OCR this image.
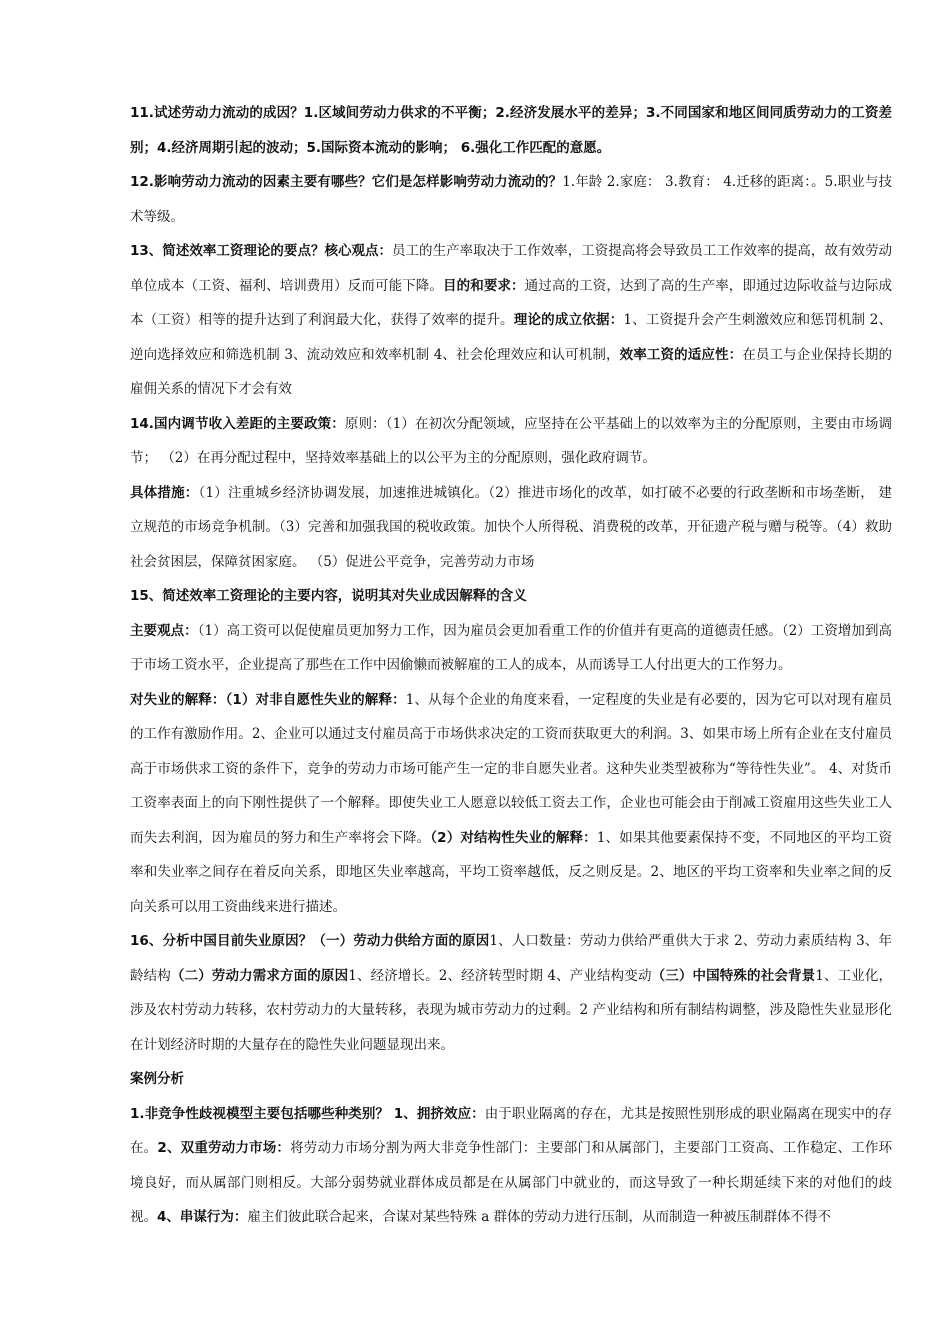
11.试述劳动力流动的成因？1.区域间劳动力供求的不平衡；2.经济发展水平的差异；3.不同国家和地区间同质劳动力的工资差别；4.经济周期引起的波动；5.国际资本流动的影响； 6.强化工作匹配的意愿。

12.影响劳动力流动的因素主要有哪些？它们是怎样影响劳动力流动的？1.年龄 2.家庭： 3.教育： 4.迁移的距离：。5.职业与技术等级。

13、简述效率工资理论的要点？核心观点：员工的生产率取决于工作效率，工资提高将会导致员工工作效率的提高，故有效劳动单位成本（工资、福利、培训费用）反而可能下降。目的和要求：通过高的工资，达到了高的生产率，即通过边际收益与边际成本（工资）相等的提升达到了利润最大化，获得了效率的提升。理论的成立依据：1、工资提升会产生刺激效应和惩罚机制 2、逆向选择效应和筛选机制 3、流动效应和效率机制 4、社会伦理效应和认可机制，效率工资的适应性：在员工与企业保持长期的雇佣关系的情况下才会有效

14.国内调节收入差距的主要政策：原则：（1）在初次分配领域，应坚持在公平基础上的以效率为主的分配原则，主要由市场调节； （2）在再分配过程中，坚持效率基础上的以公平为主的分配原则，强化政府调节。

具体措施：（1）注重城乡经济协调发展，加速推进城镇化。（2）推进市场化的改革，如打破不必要的行政垄断和市场垄断， 建立规范的市场竞争机制。（3）完善和加强我国的税收政策。加快个人所得税、消费税的改革，开征遗产税与赠与税等。（4）救助社会贫困层，保障贫困家庭。 （5）促进公平竞争，完善劳动力市场

15、简述效率工资理论的主要内容，说明其对失业成因解释的含义

主要观点：（1）高工资可以促使雇员更加努力工作，因为雇员会更加看重工作的价值并有更高的道德责任感。（2）工资增加到高于市场工资水平，企业提高了那些在工作中因偷懒而被解雇的工人的成本，从而诱导工人付出更大的工作努力。

对失业的解释：（1）对非自愿性失业的解释：1、从每个企业的角度来看，一定程度的失业是有必要的，因为它可以对现有雇员的工作有激励作用。2、企业可以通过支付雇员高于市场供求决定的工资而获取更大的利润。3、如果市场上所有企业在支付雇员高于市场供求工资的条件下，竞争的劳动力市场可能产生一定的非自愿失业者。这种失业类型被称为“等待性失业”。 4、对货币工资率表面上的向下刚性提供了一个解释。即使失业工人愿意以较低工资去工作，企业也可能会由于削减工资雇用这些失业工人而失去利润，因为雇员的努力和生产率将会下降。（2）对结构性失业的解释：1、如果其他要素保持不变，不同地区的平均工资率和失业率之间存在着反向关系，即地区失业率越高，平均工资率越低，反之则反是。2、地区的平均工资率和失业率之间的反向关系可以用工资曲线来进行描述。

16、分析中国目前失业原因？（一）劳动力供给方面的原因1、人口数量：劳动力供给严重供大于求 2、劳动力素质结构 3、年龄结构（二）劳动力需求方面的原因1、经济增长。2、经济转型时期 4、产业结构变动（三）中国特殊的社会背景1、工业化，涉及农村劳动力转移，农村劳动力的大量转移，表现为城市劳动力的过剩。2 产业结构和所有制结构调整，涉及隐性失业显形化在计划经济时期的大量存在的隐性失业问题显现出来。

案例分析

1.非竞争性歧视模型主要包括哪些种类别？ 1、拥挤效应：由于职业隔离的存在，尤其是按照性别形成的职业隔离在现实中的存在。2、双重劳动力市场：将劳动力市场分割为两大非竞争性部门：主要部门和从属部门，主要部门工资高、工作稳定、工作环境良好，而从属部门则相反。大部分弱势就业群体成员都是在从属部门中就业的，而这导致了一种长期延续下来的对他们的歧视。4、串谋行为：雇主们彼此联合起来，合谋对某些特殊 a 群体的劳动力进行压制，从而制造一种被压制群体不得不
